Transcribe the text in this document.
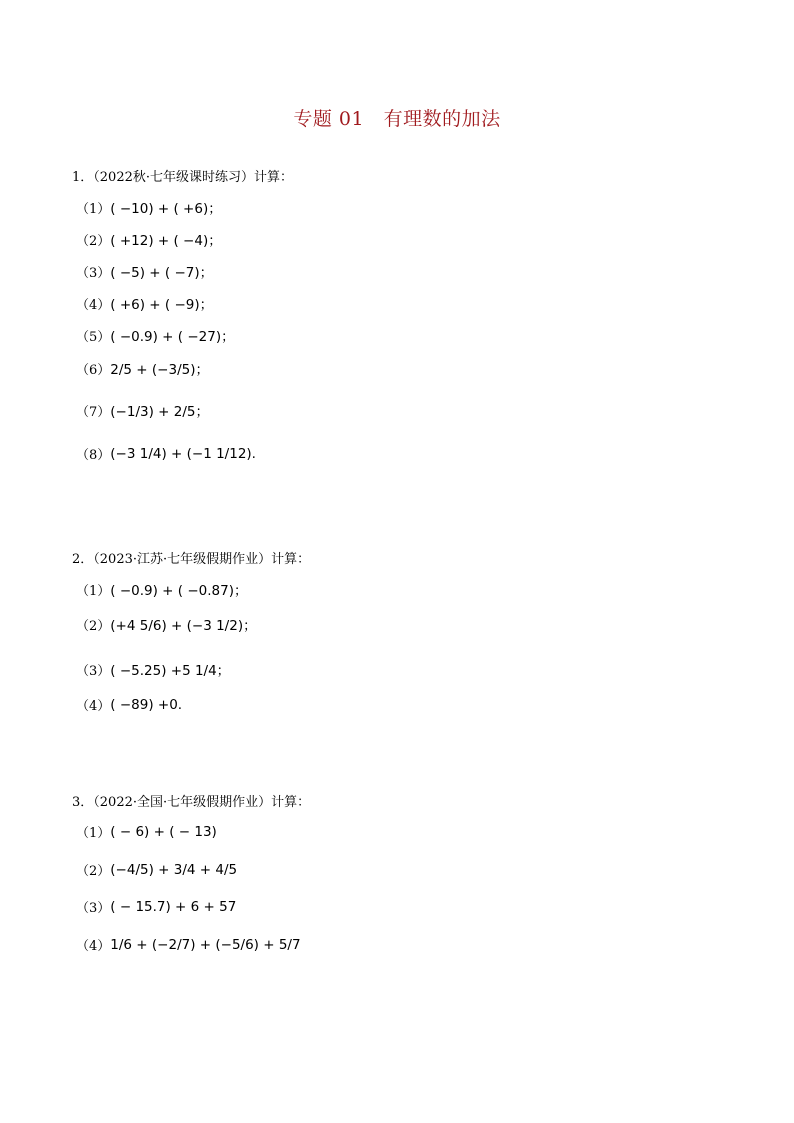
专题 01　有理数的加法
1．（2022秋·七年级课时练习）计算：
（1） ( −10) + ( +6)；
（2） ( +12) + ( −4)；
（3） ( −5) + ( −7)；
（4） ( +6) + ( −9)；
（5） ( −0.9) + ( −27)；
（6） 2/5 + (−3/5)；
（7） (−1/3) + 2/5；
（8） (−3 1/4) + (−1 1/12).
2．（2023·江苏·七年级假期作业）计算：
（1） ( −0.9) + ( −0.87)；
（2） (+4 5/6) + (−3 1/2)；
（3） ( −5.25) +5 1/4；
（4） ( −89) +0.
3．（2022·全国·七年级假期作业）计算：
（1） ( − 6) + ( − 13)
（2） (−4/5) + 3/4 + 4/5
（3） ( − 15.7) + 6 + 57
（4） 1/6 + (−2/7) + (−5/6) + 5/7
